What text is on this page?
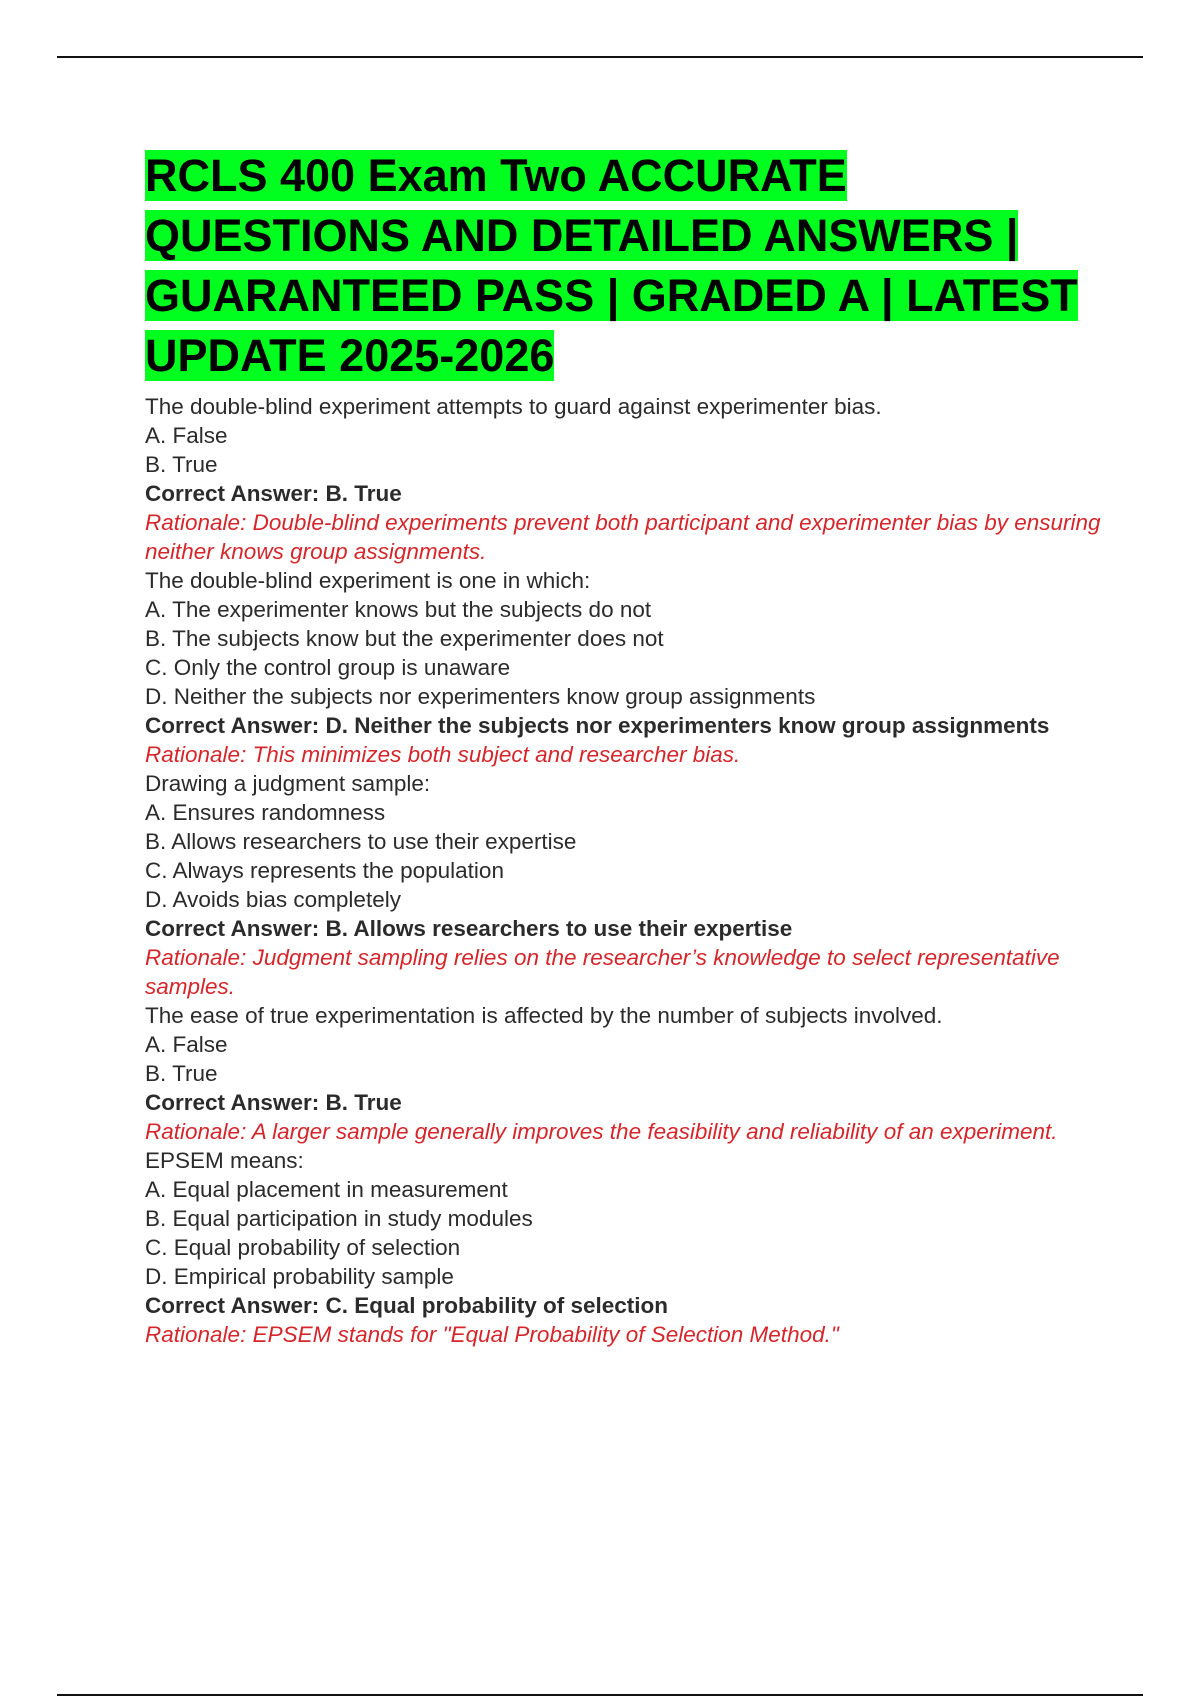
RCLS 400 Exam Two ACCURATE QUESTIONS AND DETAILED ANSWERS | GUARANTEED PASS | GRADED A | LATEST UPDATE 2025-2026

The double-blind experiment attempts to guard against experimenter bias.

A. False

B. True

Correct Answer: B. True

Rationale: Double-blind experiments prevent both participant and experimenter bias by ensuring neither knows group assignments.

The double-blind experiment is one in which:

A. The experimenter knows but the subjects do not

B. The subjects know but the experimenter does not

C. Only the control group is unaware

D. Neither the subjects nor experimenters know group assignments

Correct Answer: D. Neither the subjects nor experimenters know group assignments

Rationale: This minimizes both subject and researcher bias.

Drawing a judgment sample:

A. Ensures randomness

B. Allows researchers to use their expertise

C. Always represents the population

D. Avoids bias completely

Correct Answer: B. Allows researchers to use their expertise

Rationale: Judgment sampling relies on the researcher’s knowledge to select representative samples.

The ease of true experimentation is affected by the number of subjects involved.

A. False

B. True

Correct Answer: B. True

Rationale: A larger sample generally improves the feasibility and reliability of an experiment.

EPSEM means:

A. Equal placement in measurement

B. Equal participation in study modules

C. Equal probability of selection

D. Empirical probability sample

Correct Answer: C. Equal probability of selection

Rationale: EPSEM stands for "Equal Probability of Selection Method."
